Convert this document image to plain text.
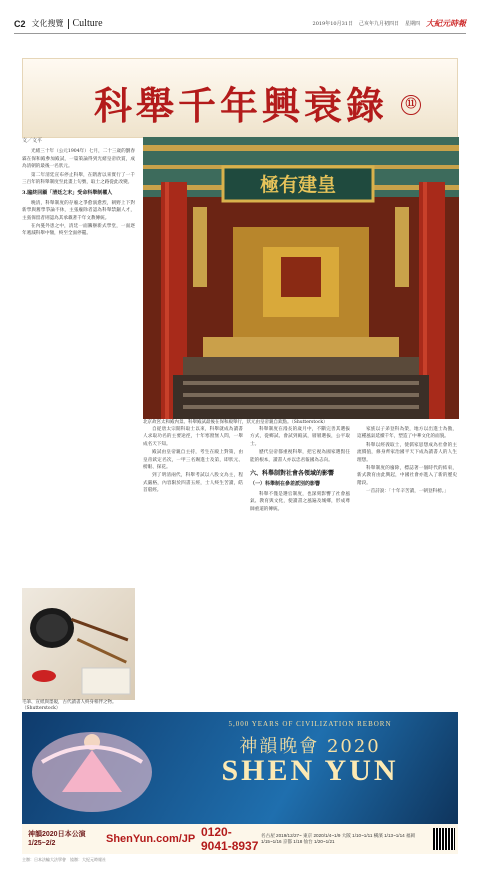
C2 文化搜覽 Culture	2019年10月31日 己亥年九月初四日 星期四 大紀元時報
科舉千年興衰錄	⑪
極有建皇
北京故宮太和殿內景。科舉殿試最後在保和殿舉行，狀元由皇帝親自欽點。（Shutterstock）
文／文平

光緒三十年（公元1904年）七月，二十三歲的劉春霖在保和殿參加殿試，一篇策論得到光緒皇帝欣賞，成為清朝的最後一名狀元。

第二年清廷宣布停止科舉，在隋唐以來實行了一千三百年的科舉制度至此畫上句號，取士之路從此改變。

3.臨終回顧「清廷之末」受命科舉制權人

晚清，科舉制度的存廢之爭愈演愈烈，朝野上下對新學與舊學爭論不休，主張廢除者認為科舉禁錮人才，主張保留者則認為其承載著千年文教傳統。

在內憂外患之中，清廷一面籌辦新式學堂，一面逐年遞減科舉中額，終至全面停罷。

毛筆、宣紙與墨硯，古代讀書人終身相伴之物。（Shutterstock）

自從唐太宗開科取士以來，科舉就成為讀書人求取功名的主要途徑，十年寒窗無人問，一舉成名天下知。

殿試由皇帝親自主持，考生在殿上對策，由皇帝欽定名次，一甲三名賜進士及第，即狀元、榜眼、探花。

到了明清兩代，科舉考試以八股文為主，程式嚴格，內容限於四書五經，士人終生苦讀，皓首窮經。

科舉制度在漫長的歲月中，不斷完善其選拔方式，從鄉試、會試到殿試，層層選拔，公平取士。

歷代皇帝都重視科舉，把它視為國家選賢任能的根本，讀書人亦以忠君報國為志向。

六、科舉制對社會各領域的影響
（一）科舉制在參差派別的影響

科舉不僅是選官制度，也深刻影響了社會風氣、教育與文化，使讀書之風遍及城鄉，形成尊師重道的傳統。

家族以子弟登科為榮，地方以出進士為傲，這種風氣延續千年，塑造了中華文化的面貌。

科舉以經義取士，使儒家思想成為社會的主流價值，修身齊家治國平天下成為讀書人的人生理想。

科舉制度的廢除，標誌著一個時代的結束，新式教育由此興起，中國社會亦進入了新的歷史階段。

一首詩說：「十年辛苦讀，一朝登科榜。」

5,000 YEARS OF CIVILIZATION REBORN
神韻晚會 2020
SHEN YUN
神韻2020日本公演 1/25~2/2	ShenYun.com/JP 0120-9041-8937
名古屋 2019/12/27~ 東京 2020/1/4~1/9 大阪 1/10~1/11 橫濱 1/13~1/14 福岡 1/15~1/16 京都 1/18 仙台 1/20~1/21
主辦：日本法輪大法學會　協辦：大紀元時報社
